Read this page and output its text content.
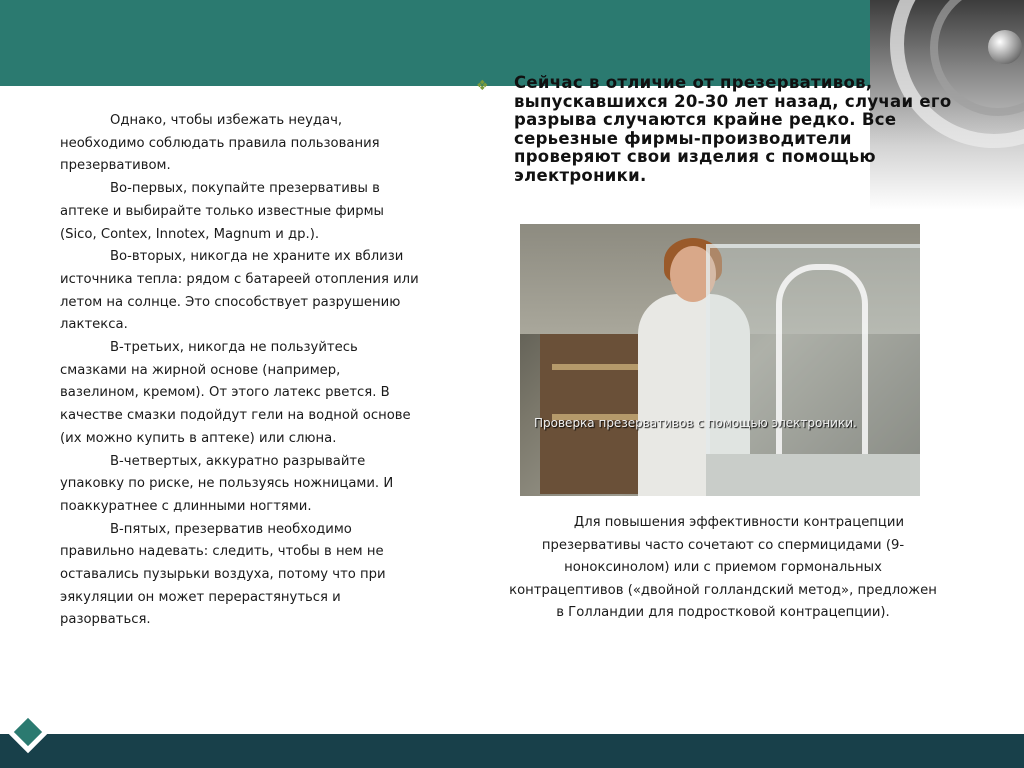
Однако, чтобы избежать неудач, необходимо соблюдать правила пользования презервативом.

Во-первых, покупайте презервативы в аптеке и выбирайте только известные фирмы (Sico, Contex, Innotex, Magnum и др.).

Во-вторых, никогда не храните их вблизи источника тепла: рядом с батареей отопления или летом на солнце. Это способствует разрушению лактекса.

В-третьих, никогда не пользуйтесь смазками на жирной основе (например, вазелином, кремом). От этого латекс рвется. В качестве смазки подойдут гели на водной основе (их можно купить в аптеке) или слюна.

В-четвертых, аккуратно разрывайте упаковку по риске, не пользуясь ножницами. И поаккуратнее с длинными ногтями.

В-пятых, презерватив необходимо правильно надевать: следить, чтобы в нем не оставались пузырьки воздуха, потому что при эякуляции он может перерастянуться и разорваться.

❖ Сейчас в отличие от презервативов, выпускавшихся 20-30 лет назад, случаи его разрыва случаются крайне редко. Все серьезные фирмы-производители проверяют свои изделия с помощью электроники.
Проверка презервативов с помощью электроники.
Для повышения эффективности контрацепции презервативы часто сочетают со спермицидами (9-ноноксинолом) или с приемом гормональных контрацептивов («двойной голландский метод», предложен в Голландии для подростковой контрацепции).
